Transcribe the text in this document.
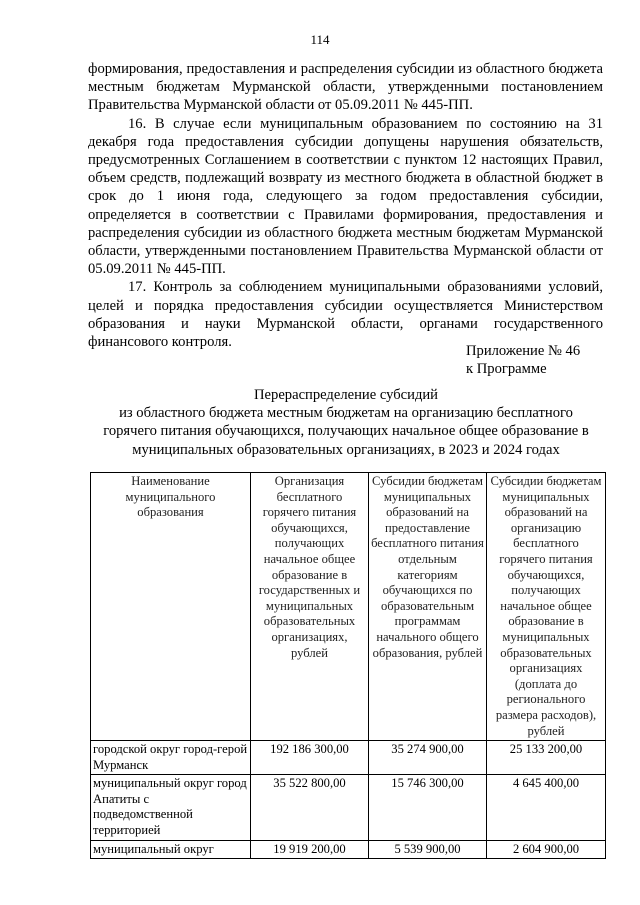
114

формирования, предоставления и распределения субсидии из областного бюджета местным бюджетам Мурманской области, утвержденными постановлением Правительства Мурманской области от 05.09.2011 № 445-ПП.

16. В случае если муниципальным образованием по состоянию на 31 декабря года предоставления субсидии допущены нарушения обязательств, предусмотренных Соглашением в соответствии с пунктом 12 настоящих Правил, объем средств, подлежащий возврату из местного бюджета в областной бюджет в срок до 1 июня года, следующего за годом предоставления субсидии, определяется в соответствии с Правилами формирования, предоставления и распределения субсидии из областного бюджета местным бюджетам Мурманской области, утвержденными постановлением Правительства Мурманской области от 05.09.2011 № 445-ПП.

17. Контроль за соблюдением муниципальными образованиями условий, целей и порядка предоставления субсидии осуществляется Министерством образования и науки Мурманской области, органами государственного финансового контроля.

Приложение № 46
к Программе
Перераспределение субсидий
из областного бюджета местным бюджетам на организацию бесплатного
горячего питания обучающихся, получающих начальное общее образование в
муниципальных образовательных организациях, в 2023 и 2024 годах
Наименование муниципального образования	Организация бесплатного горячего питания обучающихся, получающих начальное общее образование в государственных и муниципальных образовательных организациях, рублей	Субсидии бюджетам муниципальных образований на предоставление бесплатного питания отдельным категориям обучающихся по образовательным программам начального общего образования, рублей	Субсидии бюджетам муниципальных образований на организацию бесплатного горячего питания обучающихся, получающих начальное общее образование в муниципальных образовательных организациях (доплата до регионального размера расходов), рублей
городской округ город-герой Мурманск	192 186 300,00	35 274 900,00	25 133 200,00
муниципальный округ город Апатиты с подведомственной территорией	35 522 800,00	15 746 300,00	4 645 400,00
муниципальный округ	19 919 200,00	5 539 900,00	2 604 900,00
